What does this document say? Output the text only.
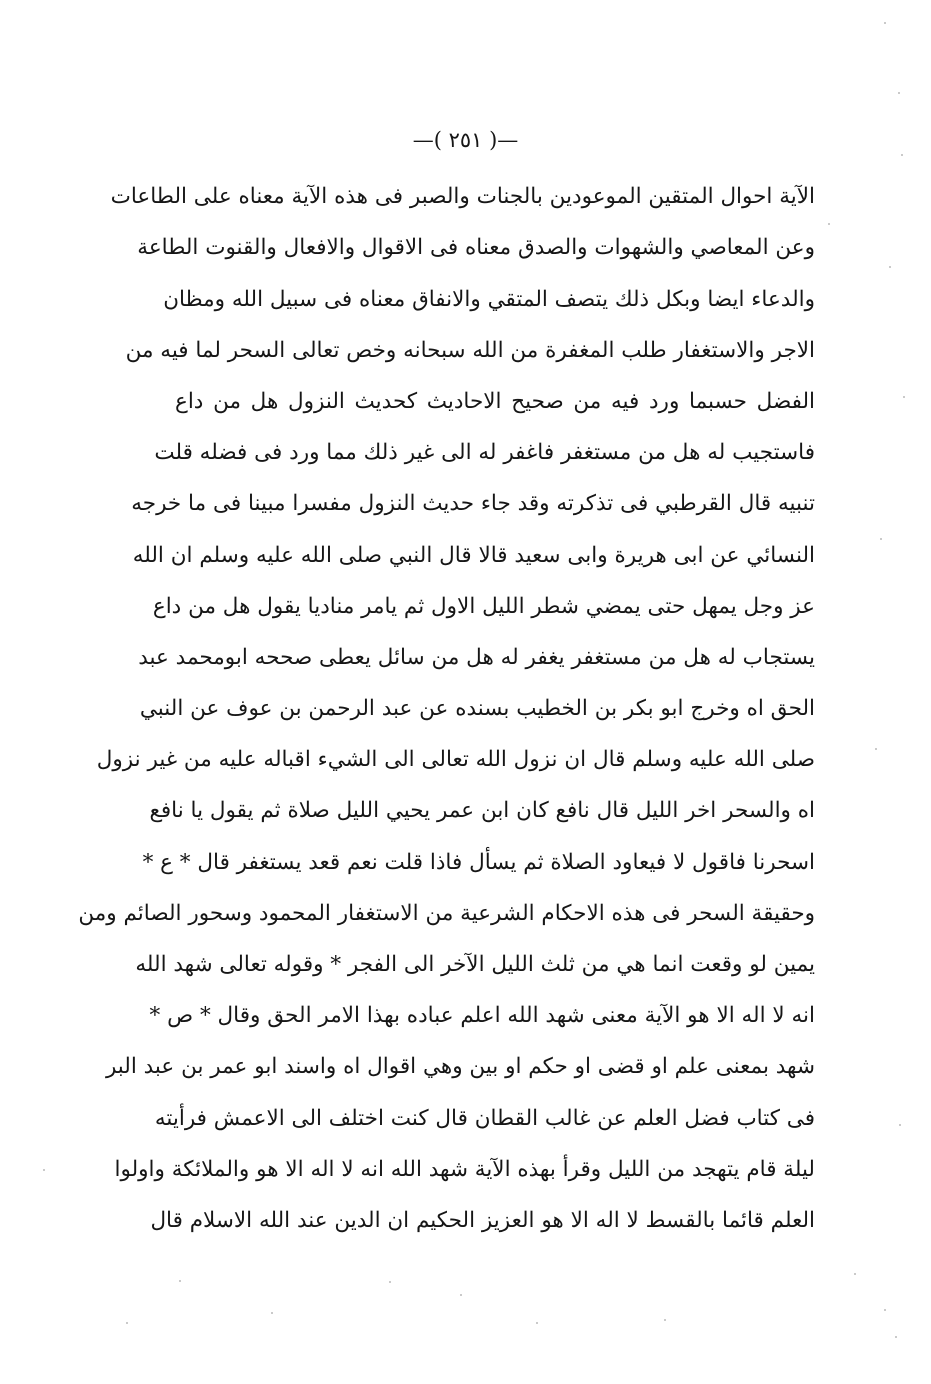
—( ٢٥١ )—
الآية احوال المتقين الموعودين بالجنات والصبر فى هذه الآية معناه على الطاعات
وعن المعاصي والشهوات والصدق معناه فى الاقوال والافعال والقنوت الطاعة
والدعاء ايضا وبكل ذلك يتصف المتقي والانفاق معناه فى سبيل الله ومظان
الاجر والاستغفار طلب المغفرة من الله سبحانه وخص تعالى السحر لما فيه من
الفضل حسبما ورد فيه من صحيح الاحاديث كحديث النزول هل من داع
فاستجيب له هل من مستغفر فاغفر له الى غير ذلك مما ورد فى فضله قلت
تنبيه قال القرطبي فى تذكرته وقد جاء حديث النزول مفسرا مبينا فى ما خرجه
النسائي عن ابى هريرة وابى سعيد قالا قال النبي صلى الله عليه وسلم ان الله
عز وجل يمهل حتى يمضي شطر الليل الاول ثم يامر مناديا يقول هل من داع
يستجاب له هل من مستغفر يغفر له هل من سائل يعطى صححه ابومحمد عبد
الحق اه وخرج ابو بكر بن الخطيب بسنده عن عبد الرحمن بن عوف عن النبي
صلى الله عليه وسلم قال ان نزول الله تعالى الى الشيء اقباله عليه من غير نزول
اه والسحر اخر الليل قال نافع كان ابن عمر يحيي الليل صلاة ثم يقول يا نافع
اسحرنا فاقول لا فيعاود الصلاة ثم يسأل فاذا قلت نعم قعد يستغفر قال * ع *
وحقيقة السحر فى هذه الاحكام الشرعية من الاستغفار المحمود وسحور الصائم ومن
يمين لو وقعت انما هي من ثلث الليل الآخر الى الفجر * وقوله تعالى شهد الله
انه لا اله الا هو الآية معنى شهد الله اعلم عباده بهذا الامر الحق وقال * ص *
شهد بمعنى علم او قضى او حكم او بين وهي اقوال اه واسند ابو عمر بن عبد البر
فى كتاب فضل العلم عن غالب القطان قال كنت اختلف الى الاعمش فرأيته
ليلة قام يتهجد من الليل وقرأ بهذه الآية شهد الله انه لا اله الا هو والملائكة واولوا
العلم قائما بالقسط لا اله الا هو العزيز الحكيم ان الدين عند الله الاسلام قال
